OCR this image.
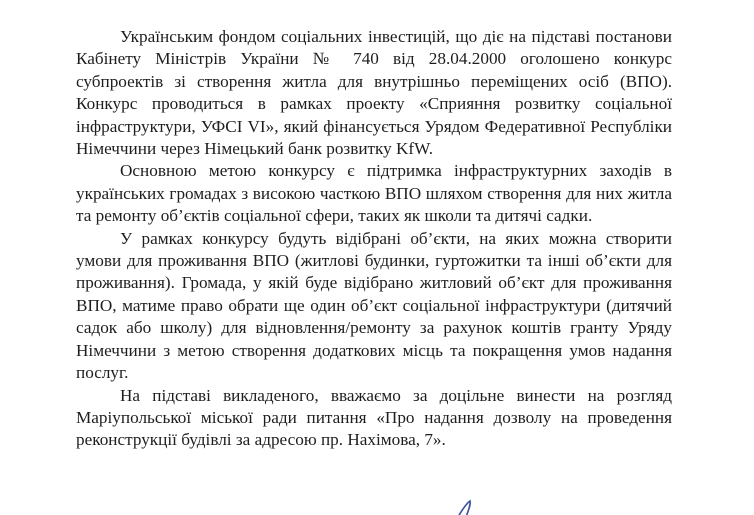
Українським фондом соціальних інвестицій, що діє на підставі постанови Кабінету Міністрів України № 740 від 28.04.2000 оголошено конкурс субпроектів зі створення житла для внутрішньо переміщених осіб (ВПО). Конкурс проводиться в рамках проекту «Сприяння розвитку соціальної інфраструктури, УФСІ VI», який фінансується Урядом Федеративної Республіки Німеччини через Німецький банк розвитку KfW.

Основною метою конкурсу є підтримка інфраструктурних заходів в українських громадах з високою часткою ВПО шляхом створення для них житла та ремонту об’єктів соціальної сфери, таких як школи та дитячі садки.

У рамках конкурсу будуть відібрані об’єкти, на яких можна створити умови для проживання ВПО (житлові будинки, гуртожитки та інші об’єкти для проживання). Громада, у якій буде відібрано житловий об’єкт для проживання ВПО, матиме право обрати ще один об’єкт соціальної інфраструктури (дитячий садок або школу) для відновлення/ремонту за рахунок коштів гранту Уряду Німеччини з метою створення додаткових місць та покращення умов надання послуг.

На підставі викладеного, вважаємо за доцільне винести на розгляд Маріупольської міської ради питання «Про надання дозволу на проведення реконструкції будівлі за адресою пр. Нахімова, 7».
